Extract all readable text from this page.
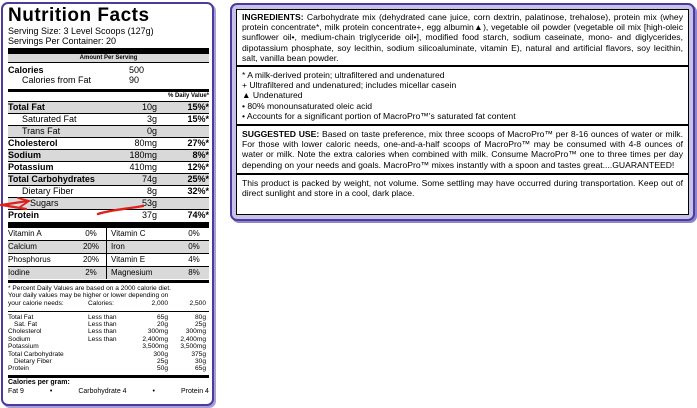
Nutrition Facts
Serving Size: 3 Level Scoops (127g)
Servings Per Container: 20
Amount Per Serving
Calories	500
Calories from Fat	90
% Daily Value*
Total Fat	10g	15%*
Saturated Fat	3g	15%*
Trans Fat	0g
Cholesterol	80mg	27%*
Sodium	180mg	8%*
Potassium	410mg	12%*
Total Carbohydrates	74g	25%*
Dietary Fiber	8g	32%*
Sugars	53g
Protein	37g	74%*
Vitamin A	0%	Vitamin C	0%
Calcium	20%	Iron	0%
Phosphorus	20%	Vitamin E	4%
Iodine	2%	Magnesium	8%
* Percent Daily Values are based on a 2000 calorie diet.
Your daily values may be higher or lower depending on
your calorie needs:	Calories:	2,000	2,500
Total Fat	Less than	65g	80g
Sat. Fat	Less than	20g	25g
Cholesterol	Less than	300mg	300mg
Sodium	Less than	2,400mg	2,400mg
Potassium	3,500mg	3,500mg
Total Carbohydrate	300g	375g
Dietary Fiber	25g	30g
Protein	50g	65g
Calories per gram:
Fat 9	•	Carbohydrate 4	•	Protein 4
INGREDIENTS: Carbohydrate mix (dehydrated cane juice, corn dextrin, palatinose, trehalose), protein mix (whey protein concentrate*, milk protein concentrate+, egg albumin▲), vegetable oil powder (vegetable oil mix [high-oleic sunflower oil•, medium-chain triglyceride oil•], modified food starch, sodium caseinate, mono- and diglycerides, dipotassium phosphate, soy lecithin, sodium silicoaluminate, vitamin E), natural and artificial flavors, soy lecithin, salt, vanilla bean powder.
* A milk-derived protein; ultrafiltered and undenatured
+ Ultrafiltered and undenatured; includes micellar casein
▲ Undenatured
• 80% monounsaturated oleic acid
• Accounts for a significant portion of MacroPro™'s saturated fat content
SUGGESTED USE: Based on taste preference, mix three scoops of MacroPro™ per 8-16 ounces of water or milk. For those with lower caloric needs, one-and-a-half scoops of MacroPro™ may be consumed with 4-8 ounces of water or milk. Note the extra calories when combined with milk. Consume MacroPro™ one to three times per day depending on your needs and goals. MacroPro™ mixes instantly with a spoon and tastes great....GUARANTEED!
This product is packed by weight, not volume. Some settling may have occurred during transportation. Keep out of direct sunlight and store in a cool, dark place.
